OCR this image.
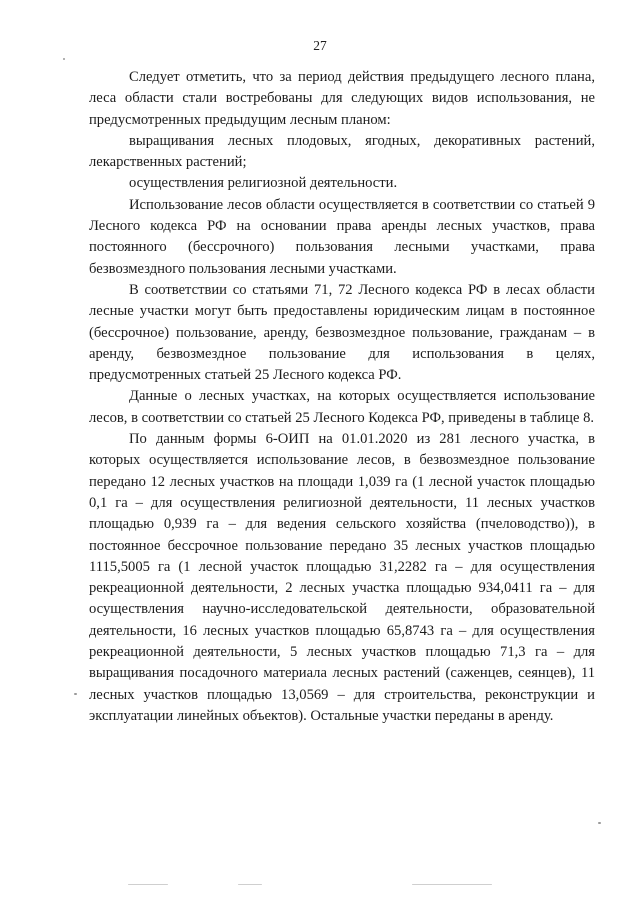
27

Следует отметить, что за период действия предыдущего лесного плана, леса области стали востребованы для следующих видов использования, не предусмотренных предыдущим лесным планом:

выращивания лесных плодовых, ягодных, декоративных растений, лекарственных растений;

осуществления религиозной деятельности.

Использование лесов области осуществляется в соответствии со статьей 9 Лесного кодекса РФ на основании права аренды лесных участков, права постоянного (бессрочного) пользования лесными участками, права безвозмездного пользования лесными участками.

В соответствии со статьями 71, 72 Лесного кодекса РФ в лесах области лесные участки могут быть предоставлены юридическим лицам в постоянное (бессрочное) пользование, аренду, безвозмездное пользование, гражданам – в аренду, безвозмездное пользование для использования в целях, предусмотренных статьей 25 Лесного кодекса РФ.

Данные о лесных участках, на которых осуществляется использование лесов, в соответствии со статьей 25 Лесного Кодекса РФ, приведены в таблице 8.

По данным формы 6-ОИП на 01.01.2020 из 281 лесного участка, в которых осуществляется использование лесов, в безвозмездное пользование передано 12 лесных участков на площади 1,039 га (1 лесной участок площадью 0,1 га – для осуществления религиозной деятельности, 11 лесных участков площадью 0,939 га – для ведения сельского хозяйства (пчеловодство)), в постоянное бессрочное пользование передано 35 лесных участков площадью 1115,5005 га (1 лесной участок площадью 31,2282 га – для осуществления рекреационной деятельности, 2 лесных участка площадью 934,0411 га – для осуществления научно-исследовательской деятельности, образовательной деятельности, 16 лесных участков площадью 65,8743 га – для осуществления рекреационной деятельности, 5 лесных участков площадью 71,3 га – для выращивания посадочного материала лесных растений (саженцев, сеянцев), 11 лесных участков площадью 13,0569 – для строительства, реконструкции и эксплуатации линейных объектов). Остальные участки переданы в аренду.
